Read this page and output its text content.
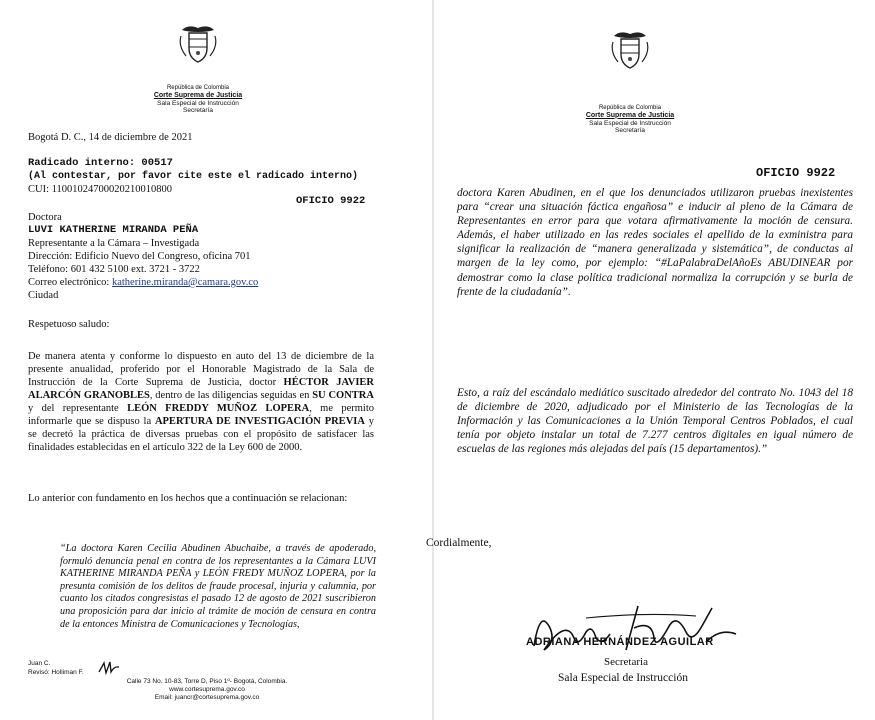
República de Colombia
Corte Suprema de Justicia
Sala Especial de Instrucción
Secretaría
Bogotá D. C., 14 de diciembre de 2021
Radicado interno: 00517
(Al contestar, por favor cite este el radicado interno)
CUI: 11001024700020210010800
OFICIO 9922
Doctora
LUVI KATHERINE MIRANDA PEÑA
Representante a la Cámara – Investigada
Dirección: Edificio Nuevo del Congreso, oficina 701
Teléfono: 601 432 5100 ext. 3721 - 3722
Correo electrónico: katherine.miranda@camara.gov.co
Ciudad
Respetuoso saludo:
De manera atenta y conforme lo dispuesto en auto del 13 de diciembre de la presente anualidad, proferido por el Honorable Magistrado de la Sala de Instrucción de la Corte Suprema de Justicia, doctor HÉCTOR JAVIER ALARCÓN GRANOBLES, dentro de las diligencias seguidas en SU CONTRA y del representante LEÓN FREDDY MUÑOZ LOPERA, me permito informarle que se dispuso la APERTURA DE INVESTIGACIÓN PREVIA y se decretó la práctica de diversas pruebas con el propósito de satisfacer las finalidades establecidas en el artículo 322 de la Ley 600 de 2000.
Lo anterior con fundamento en los hechos que a continuación se relacionan:
“La doctora Karen Cecilia Abudinen Abuchaibe, a través de apoderado, formuló denuncia penal en contra de los representantes a la Cámara LUVI KATHERINE MIRANDA PEÑA y LEÓN FREDY MUÑOZ LOPERA, por la presunta comisión de los delitos de fraude procesal, injuria y calumnia, por cuanto los citados congresistas el pasado 12 de agosto de 2021 suscribieron una proposición para dar inicio al trámite de moción de censura en contra de la entonces Ministra de Comunicaciones y Tecnologías,
Juan C.
Revisó: Holliman F.
Calle 73 No. 10-83, Torre D, Piso 1º- Bogotá, Colombia.
www.cortesuprema.gov.co
Email: juancr@cortesuprema.gov.co
República de Colombia
Corte Suprema de Justicia
Sala Especial de Instrucción
Secretaría
OFICIO 9922
doctora Karen Abudinen, en el que los denunciados utilizaron pruebas inexistentes para “crear una situación fáctica engañosa” e inducir al pleno de la Cámara de Representantes en error para que votara afirmativamente la moción de censura. Además, el haber utilizado en las redes sociales el apellido de la exministra para significar la realización de “manera generalizada y sistemática”, de conductas al margen de la ley como, por ejemplo: “#LaPalabraDelAñoEs ABUDINEAR por demostrar como la clase política tradicional normaliza la corrupción y se burla de frente de la ciudadanía”.
Esto, a raíz del escándalo mediático suscitado alrededor del contrato No. 1043 del 18 de diciembre de 2020, adjudicado por el Ministerio de las Tecnologías de la Información y las Comunicaciones a la Unión Temporal Centros Poblados, el cual tenía por objeto instalar un total de 7.277 centros digitales en igual número de escuelas de las regiones más alejadas del país (15 departamentos).”
Cordialmente,
ADRIANA HERNÁNDEZ AGUILAR
Secretaria
Sala Especial de Instrucción
